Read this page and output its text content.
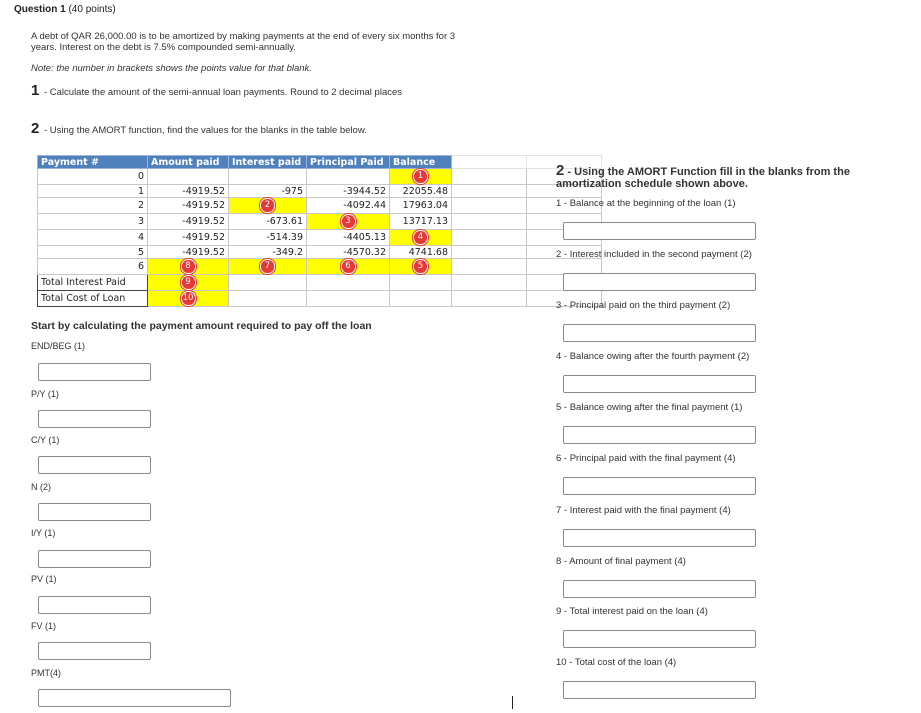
Question 1 (40 points)
A debt of QAR 26,000.00 is to be amortized by making payments at the end of every six months for 3 years. Interest on the debt is 7.5% compounded semi-annually.
Note: the number in brackets shows the points value for that blank.
1 - Calculate the amount of the semi-annual loan payments. Round to 2 decimal places
2 - Using the AMORT function, find the values for the blanks in the table below.
Payment #	Amount paid	Interest paid	Principal Paid	Balance		
0				1		
1	-4919.52	-975	-3944.52	22055.48		
2	-4919.52	2	-4092.44	17963.04		
3	-4919.52	-673.61	3	13717.13		
4	-4919.52	-514.39	-4405.13	4		
5	-4919.52	-349.2	-4570.32	4741.68		
6	8	7	6	5		
Total Interest Paid	9					
Total Cost of Loan	10					
Start by calculating the payment amount required to pay off the loan
END/BEG (1)
P/Y (1)
C/Y (1)
N (2)
I/Y (1)
PV (1)
FV (1)
PMT(4)
2 - Using the AMORT Function fill in the blanks from the amortization schedule shown above.
1 - Balance at the beginning of the loan (1)
2 - Interest included in the second payment (2)
3 - Principal paid on the third payment (2)
4 - Balance owing after the fourth payment (2)
5 - Balance owing after the final payment (1)
6 - Principal paid with the final payment (4)
7 - Interest paid with the final payment (4)
8 - Amount of final payment (4)
9 - Total interest paid on the loan (4)
10 - Total cost of the loan (4)
